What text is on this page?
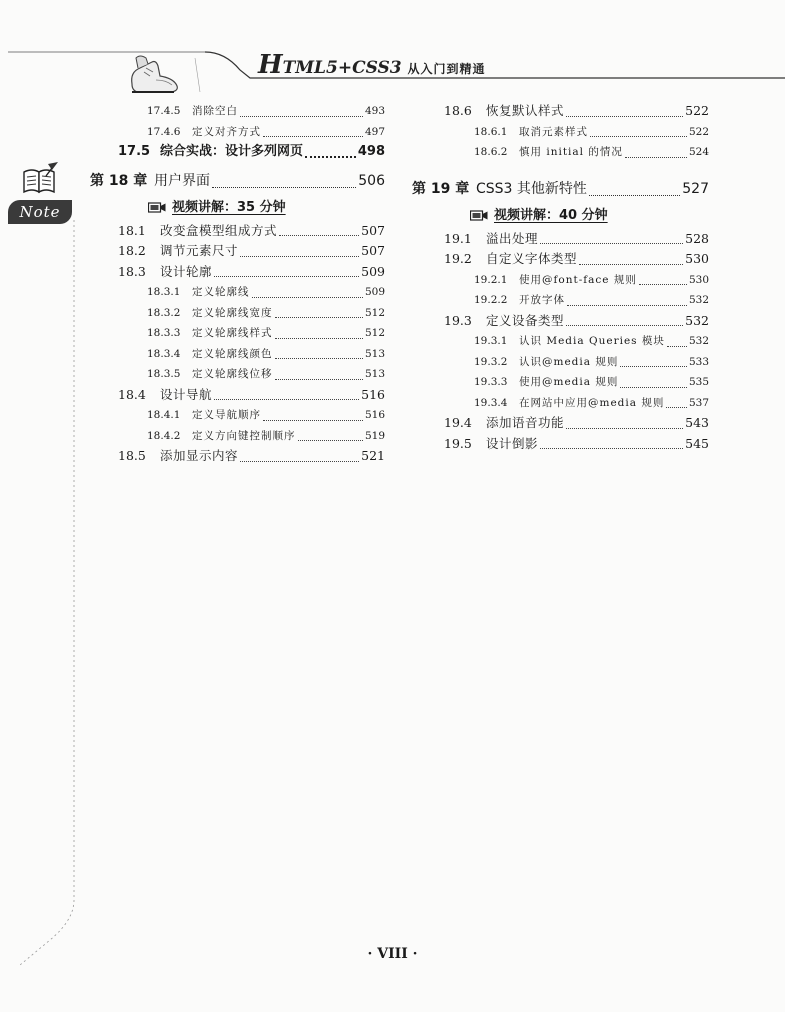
HTML5+CSS3 从入门到精通
Note
17.4.5	消除空白	493
17.4.6	定义对齐方式	497
17.5 综合实战：设计多列网页	498
第 18 章 用户界面	506
视频讲解：35 分钟
18.1	改变盒模型组成方式	507
18.2	调节元素尺寸	507
18.3	设计轮廓	509
18.3.1	定义轮廓线	509
18.3.2	定义轮廓线宽度	512
18.3.3	定义轮廓线样式	512
18.3.4	定义轮廓线颜色	513
18.3.5	定义轮廓线位移	513
18.4	设计导航	516
18.4.1	定义导航顺序	516
18.4.2	定义方向键控制顺序	519
18.5	添加显示内容	521
18.6	恢复默认样式	522
18.6.1	取消元素样式	522
18.6.2	慎用 initial 的情况	524
第 19 章 CSS3 其他新特性	527
视频讲解：40 分钟
19.1	溢出处理	528
19.2	自定义字体类型	530
19.2.1	使用@font-face 规则	530
19.2.2	开放字体	532
19.3	定义设备类型	532
19.3.1	认识 Media Queries 模块 532
19.3.2	认识@media 规则	533
19.3.3	使用@media 规则	535
19.3.4	在网站中应用@media 规则 537
19.4	添加语音功能	543
19.5	设计倒影	545
· VIII ·
